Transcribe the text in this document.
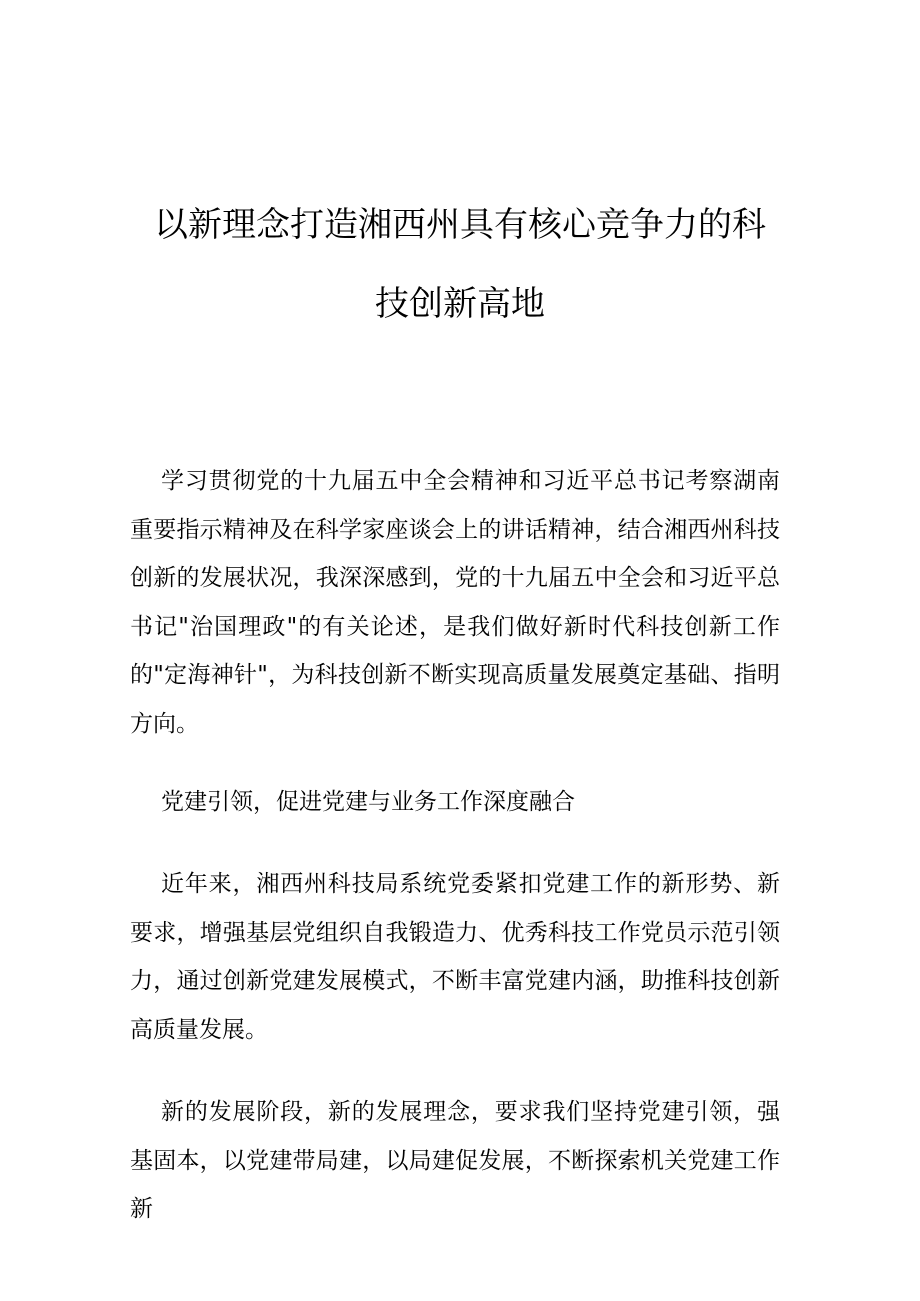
以新理念打造湘西州具有核心竞争力的科
技创新高地

学习贯彻党的十九届五中全会精神和习近平总书记考察湖南重要指示精神及在科学家座谈会上的讲话精神，结合湘西州科技创新的发展状况，我深深感到，党的十九届五中全会和习近平总书记"治国理政"的有关论述，是我们做好新时代科技创新工作的"定海神针"，为科技创新不断实现高质量发展奠定基础、指明方向。

党建引领，促进党建与业务工作深度融合

近年来，湘西州科技局系统党委紧扣党建工作的新形势、新要求，增强基层党组织自我锻造力、优秀科技工作党员示范引领力，通过创新党建发展模式，不断丰富党建内涵，助推科技创新高质量发展。

新的发展阶段，新的发展理念，要求我们坚持党建引领，强基固本，以党建带局建，以局建促发展，不断探索机关党建工作新
